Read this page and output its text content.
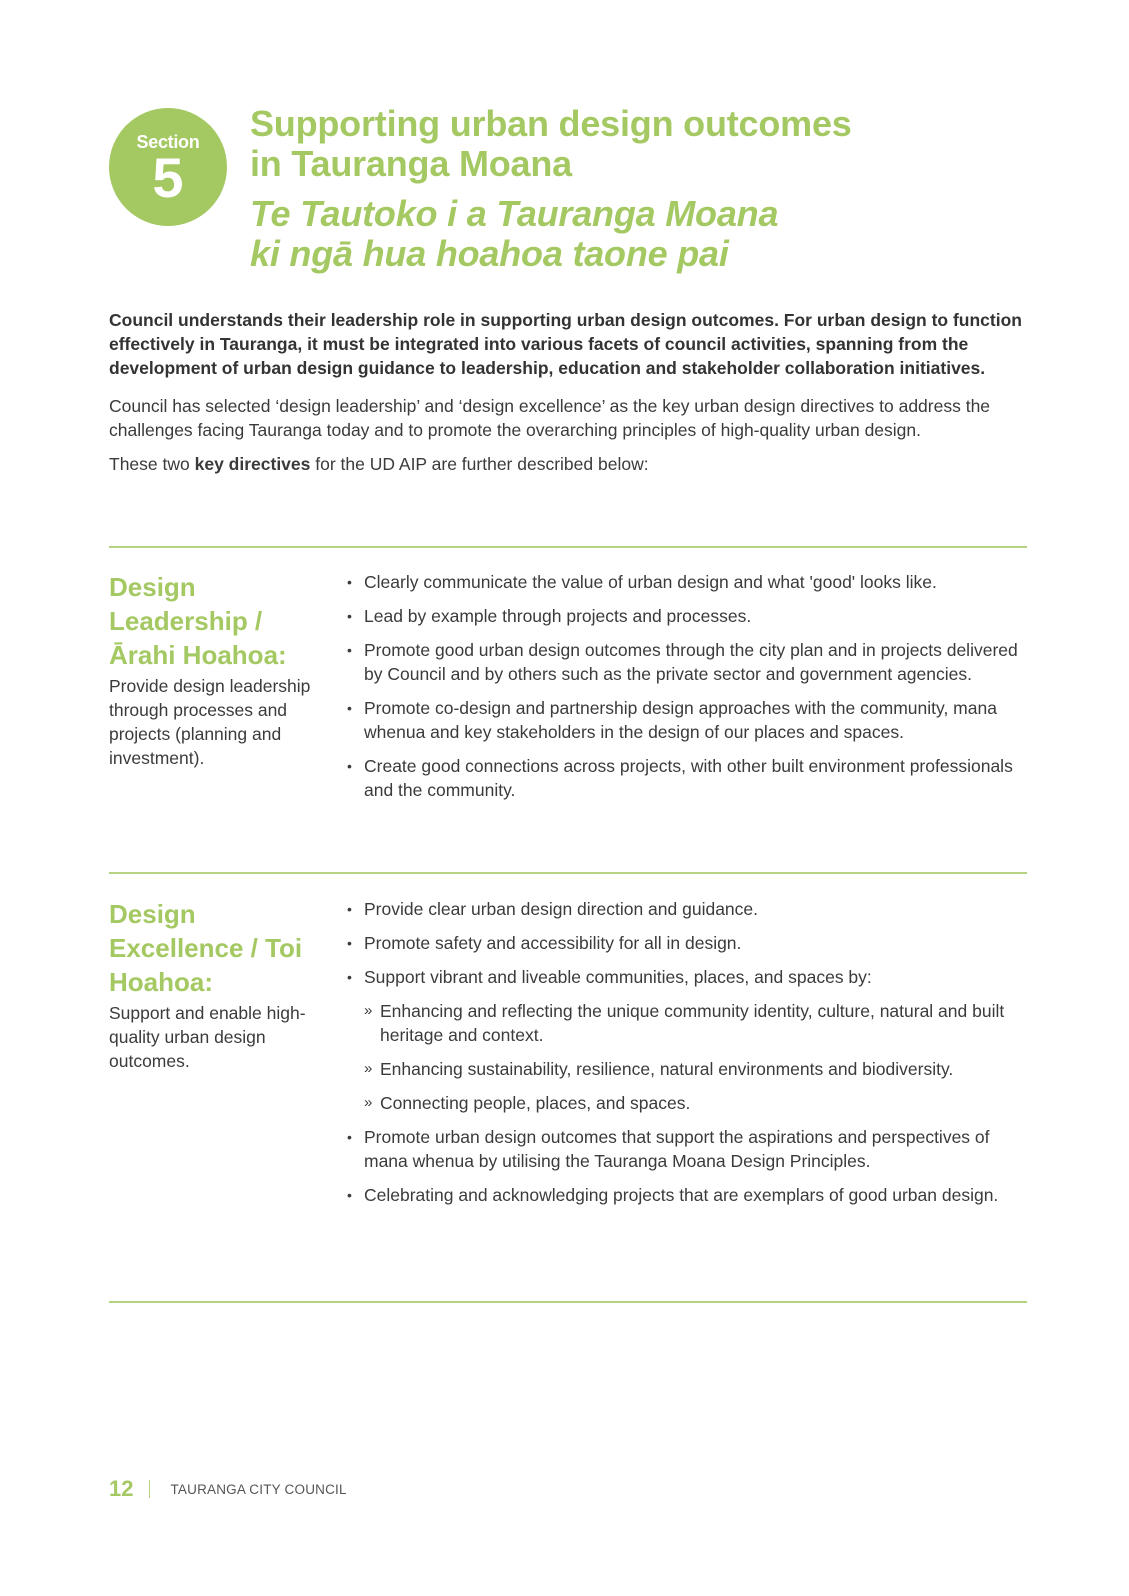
Section
5

Supporting urban design outcomes
in Tauranga Moana

Te Tautoko i a Tauranga Moana
ki ngā hua hoahoa taone pai

Council understands their leadership role in supporting urban design outcomes. For urban design to function effectively in Tauranga, it must be integrated into various facets of council activities, spanning from the development of urban design guidance to leadership, education and stakeholder collaboration initiatives.

Council has selected ‘design leadership’ and ‘design excellence’ as the key urban design directives to address the challenges facing Tauranga today and to promote the overarching principles of high-quality urban design.

These two key directives for the UD AIP are further described below:

Design
Leadership /
Ārahi Hoahoa:

Provide design leadership through processes and projects (planning and investment).

• Clearly communicate the value of urban design and what 'good' looks like.
• Lead by example through projects and processes.
• Promote good urban design outcomes through the city plan and in projects delivered by Council and by others such as the private sector and government agencies.
• Promote co-design and partnership design approaches with the community, mana whenua and key stakeholders in the design of our places and spaces.
• Create good connections across projects, with other built environment professionals and the community.

Design
Excellence / Toi
Hoahoa:

Support and enable high-quality urban design outcomes.

• Provide clear urban design direction and guidance.
• Promote safety and accessibility for all in design.
• Support vibrant and liveable communities, places, and spaces by:
» Enhancing and reflecting the unique community identity, culture, natural and built heritage and context.
» Enhancing sustainability, resilience, natural environments and biodiversity.
» Connecting people, places, and spaces.
• Promote urban design outcomes that support the aspirations and perspectives of mana whenua by utilising the Tauranga Moana Design Principles.
• Celebrating and acknowledging projects that are exemplars of good urban design.
12	TAURANGA CITY COUNCIL
